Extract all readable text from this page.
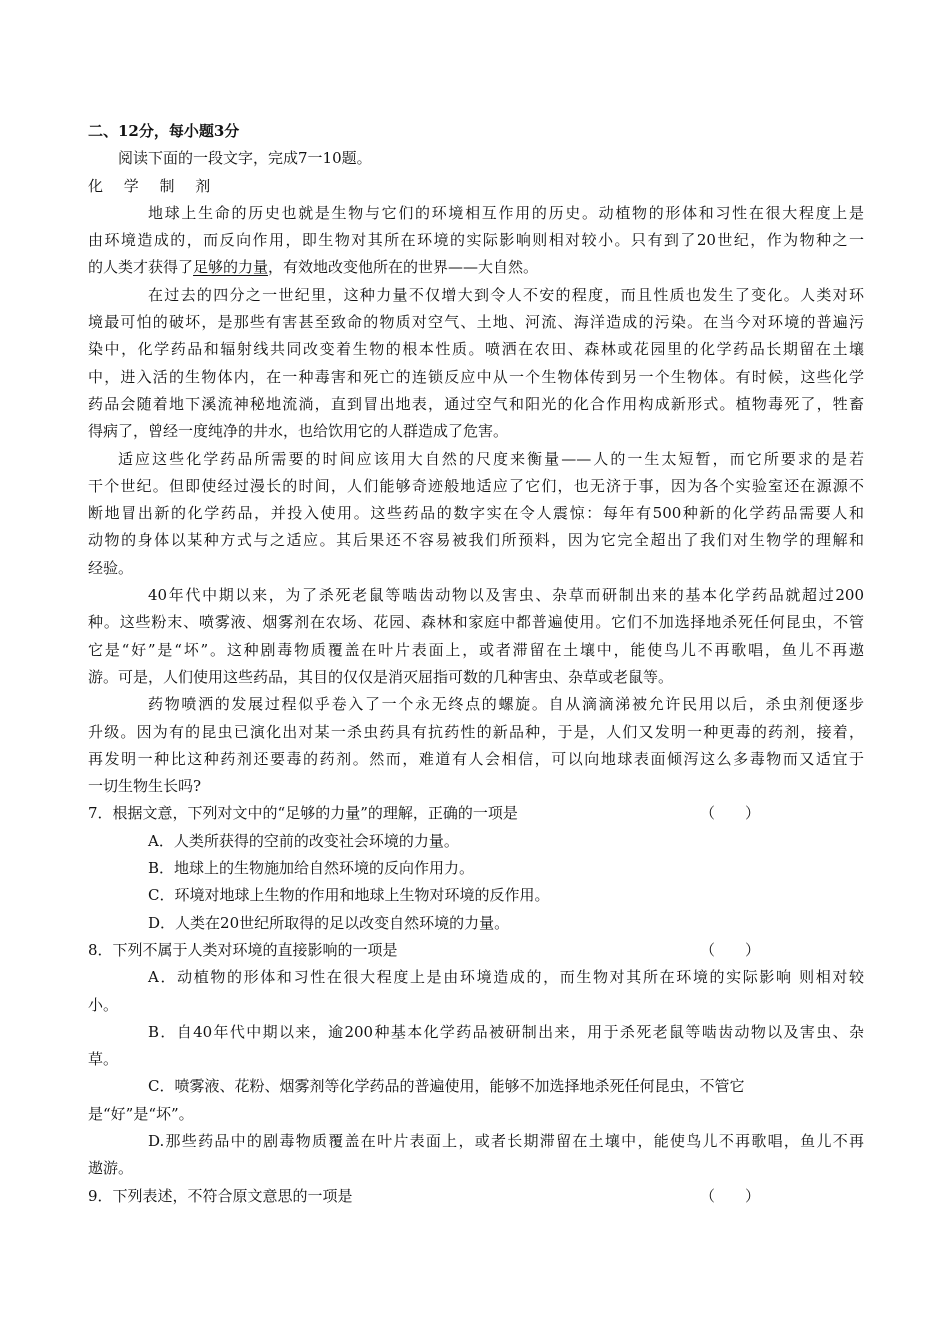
二、12分，每小题3分
阅读下面的一段文字，完成7一10题。
化 学 制 剂
地球上生命的历史也就是生物与它们的环境相互作用的历史。动植物的形体和习性在很大程度上是
由环境造成的，而反向作用，即生物对其所在环境的实际影响则相对较小。只有到了20世纪，作为物种之一
的人类才获得了足够的力量，有效地改变他所在的世界——大自然。
在过去的四分之一世纪里，这种力量不仅增大到令人不安的程度，而且性质也发生了变化。人类对环
境最可怕的破坏，是那些有害甚至致命的物质对空气、土地、河流、海洋造成的污染。在当今对环境的普遍污
染中，化学药品和辐射线共同改变着生物的根本性质。喷洒在农田、森林或花园里的化学药品长期留在土壤
中，进入活的生物体内，在一种毒害和死亡的连锁反应中从一个生物体传到另一个生物体。有时候，这些化学
药品会随着地下溪流神秘地流淌，直到冒出地表，通过空气和阳光的化合作用构成新形式。植物毒死了，牲畜
得病了，曾经一度纯净的井水，也给饮用它的人群造成了危害。
适应这些化学药品所需要的时间应该用大自然的尺度来衡量——人的一生太短暂，而它所要求的是若
干个世纪。但即使经过漫长的时间，人们能够奇迹般地适应了它们，也无济于事，因为各个实验室还在源源不
断地冒出新的化学药品，并投入使用。这些药品的数字实在令人震惊：每年有500种新的化学药品需要人和
动物的身体以某种方式与之适应。其后果还不容易被我们所预料，因为它完全超出了我们对生物学的理解和
经验。
40年代中期以来，为了杀死老鼠等啮齿动物以及害虫、杂草而研制出来的基本化学药品就超过200
种。这些粉末、喷雾液、烟雾剂在农场、花园、森林和家庭中都普遍使用。它们不加选择地杀死任何昆虫，不管
它是“好”是“坏”。这种剧毒物质覆盖在叶片表面上，或者滞留在土壤中，能使鸟儿不再歌唱，鱼儿不再遨
游。可是，人们使用这些药品，其目的仅仅是消灭屈指可数的几种害虫、杂草或老鼠等。
药物喷洒的发展过程似乎卷入了一个永无终点的螺旋。自从滴滴涕被允许民用以后，杀虫剂便逐步
升级。因为有的昆虫已演化出对某一杀虫药具有抗药性的新品种，于是，人们又发明一种更毒的药剂，接着，
再发明一种比这种药剂还要毒的药剂。然而，难道有人会相信，可以向地球表面倾泻这么多毒物而又适宜于
一切生物生长吗?
7．根据文意，下列对文中的“足够的力量”的理解，正确的一项是	（　　）
A．人类所获得的空前的改变社会环境的力量。
B．地球上的生物施加给自然环境的反向作用力。
C．环境对地球上生物的作用和地球上生物对环境的反作用。
D．人类在20世纪所取得的足以改变自然环境的力量。
8．下列不属于人类对环境的直接影响的一项是	（　　）
A．动植物的形体和习性在很大程度上是由环境造成的，而生物对其所在环境的实际影响 则相对较
小。
B．自40年代中期以来，逾200种基本化学药品被研制出来，用于杀死老鼠等啮齿动物以及害虫、杂
草。
C．喷雾液、花粉、烟雾剂等化学药品的普遍使用，能够不加选择地杀死任何昆虫，不管它
是“好”是“坏”。
D.那些药品中的剧毒物质覆盖在叶片表面上，或者长期滞留在土壤中，能使鸟儿不再歌唱，鱼儿不再
遨游。
9．下列表述，不符合原文意思的一项是	（　　）
